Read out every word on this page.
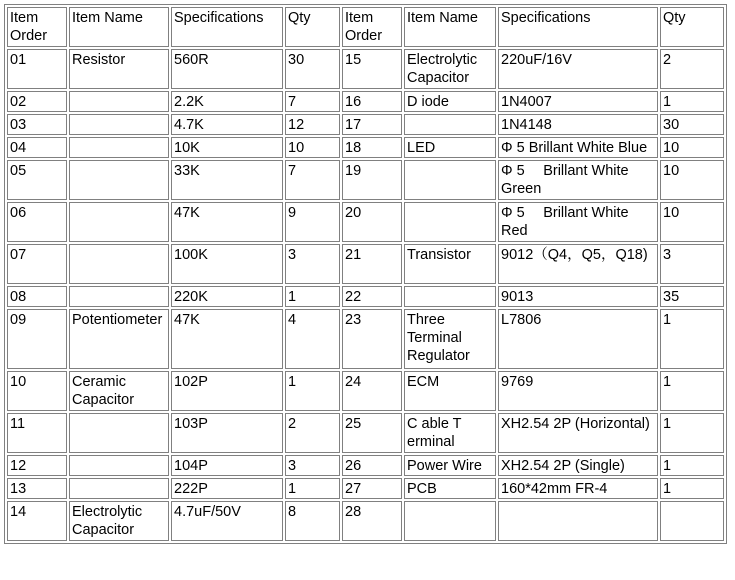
Item Order	Item Name	Specifications	Qty	Item Order	Item Name	Specifications	Qty
01	Resistor	560R	30	15	Electrolytic Capacitor	220uF/16V	2
02		2.2K	7	16	D iode	1N4007	1
03		4.7K	12	17		1N4148	30
04		10K	10	18	LED	Φ 5 Brillant White Blue	10
05		33K	7	19		Φ 5　 Brillant White Green	10
06		47K	9	20		Φ 5　 Brillant White Red	10
07		100K	3	21	Transistor	9012（Q4，Q5，Q18)	3
08		220K	1	22		9013	35
09	Potentiometer	47K	4	23	Three Terminal Regulator	L7806	1
10	Ceramic Capacitor	102P	1	24	ECM	9769	1
11		103P	2	25	C able T erminal	XH2.54 2P (Horizontal)	1
12		104P	3	26	Power Wire	XH2.54 2P (Single)	1
13		222P	1	27	PCB	160*42mm FR-4	1
14	Electrolytic Capacitor	4.7uF/50V	8	28			
